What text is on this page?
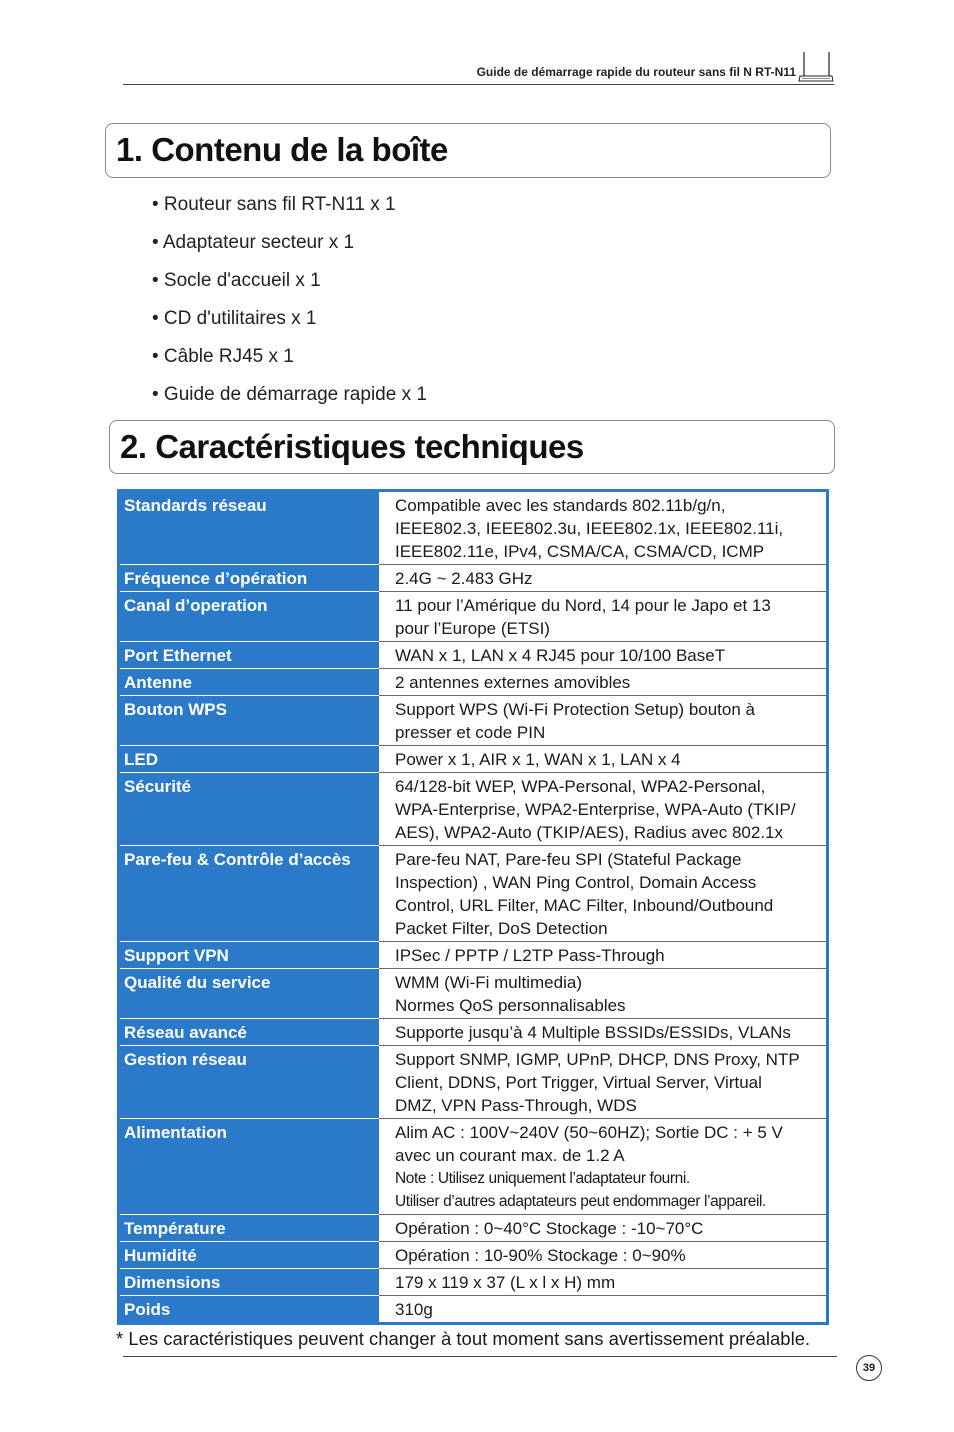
Guide de démarrage rapide du routeur sans fil N RT-N11
1. Contenu de la boîte
• Routeur sans fil RT-N11 x 1
• Adaptateur secteur x 1
• Socle d'accueil x 1
• CD d'utilitaires x 1
• Câble RJ45 x 1
• Guide de démarrage rapide x 1
2. Caractéristiques techniques
Standards réseau	Compatible avec les standards 802.11b/g/n,
IEEE802.3, IEEE802.3u, IEEE802.1x, IEEE802.11i,
IEEE802.11e, IPv4, CSMA/CA, CSMA/CD, ICMP

Fréquence d’opération	2.4G ~ 2.483 GHz

Canal d’operation	11 pour l’Amérique du Nord, 14 pour le Japo et 13
pour l’Europe (ETSI)

Port Ethernet	WAN x 1, LAN x 4 RJ45 pour 10/100 BaseT

Antenne	2 antennes externes amovibles

Bouton WPS	Support WPS (Wi-Fi Protection Setup) bouton à
presser et code PIN

LED	Power x 1, AIR x 1, WAN x 1, LAN x 4

Sécurité	64/128-bit WEP, WPA-Personal, WPA2-Personal,
WPA-Enterprise, WPA2-Enterprise, WPA-Auto (TKIP/
AES), WPA2-Auto (TKIP/AES), Radius avec 802.1x

Pare-feu & Contrôle d’accès	Pare-feu NAT, Pare-feu SPI (Stateful Package
Inspection) , WAN Ping Control, Domain Access
Control, URL Filter, MAC Filter, Inbound/Outbound
Packet Filter, DoS Detection

Support VPN	IPSec / PPTP / L2TP Pass-Through

Qualité du service	WMM (Wi-Fi multimedia)
Normes QoS personnalisables

Réseau avancé	Supporte jusqu’à 4 Multiple BSSIDs/ESSIDs, VLANs

Gestion réseau	Support SNMP, IGMP, UPnP, DHCP, DNS Proxy, NTP
Client, DDNS, Port Trigger, Virtual Server, Virtual
DMZ, VPN Pass-Through, WDS

Alimentation	Alim AC : 100V~240V (50~60HZ); Sortie DC : + 5 V
avec un courant max. de 1.2 A
Note : Utilisez uniquement l’adaptateur fourni.
Utiliser d’autres adaptateurs peut endommager l’appareil.

Température	Opération : 0~40°C Stockage : -10~70°C

Humidité	Opération : 10-90% Stockage : 0~90%

Dimensions	179 x 119 x 37 (L x l x H) mm

Poids	310g
* Les caractéristiques peuvent changer à tout moment sans avertissement préalable.
39
